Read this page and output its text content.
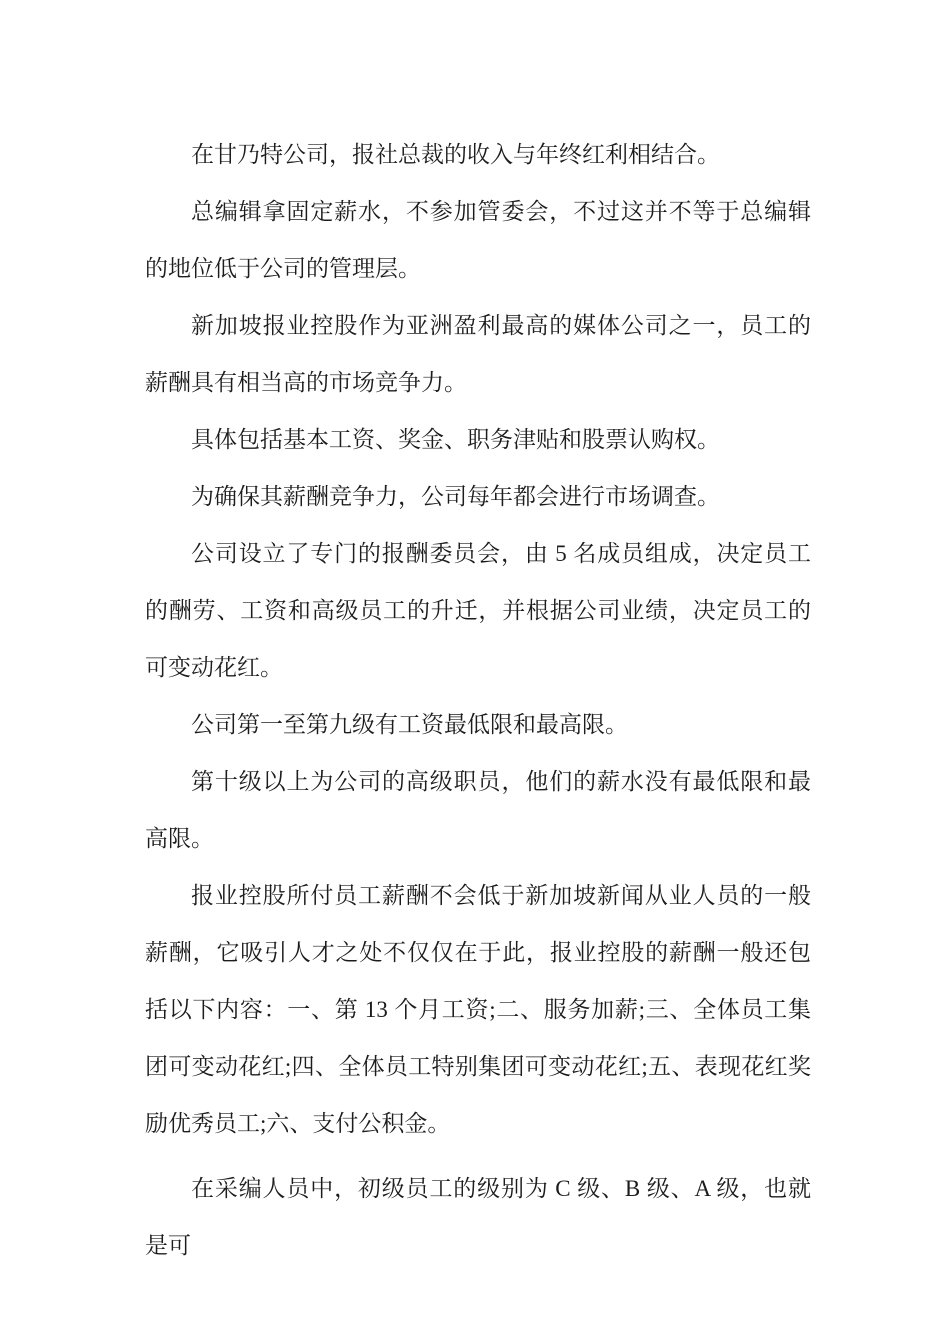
在甘乃特公司，报社总裁的收入与年终红利相结合。

总编辑拿固定薪水，不参加管委会，不过这并不等于总编辑的地位低于公司的管理层。

新加坡报业控股作为亚洲盈利最高的媒体公司之一，员工的薪酬具有相当高的市场竞争力。

具体包括基本工资、奖金、职务津贴和股票认购权。

为确保其薪酬竞争力，公司每年都会进行市场调查。

公司设立了专门的报酬委员会，由 5 名成员组成，决定员工的酬劳、工资和高级员工的升迁，并根据公司业绩，决定员工的可变动花红。

公司第一至第九级有工资最低限和最高限。

第十级以上为公司的高级职员，他们的薪水没有最低限和最高限。

报业控股所付员工薪酬不会低于新加坡新闻从业人员的一般薪酬，它吸引人才之处不仅仅在于此，报业控股的薪酬一般还包括以下内容：一、第 13 个月工资;二、服务加薪;三、全体员工集团可变动花红;四、全体员工特别集团可变动花红;五、表现花红奖励优秀员工;六、支付公积金。

在采编人员中，初级员工的级别为 C 级、B 级、A 级，也就是可
